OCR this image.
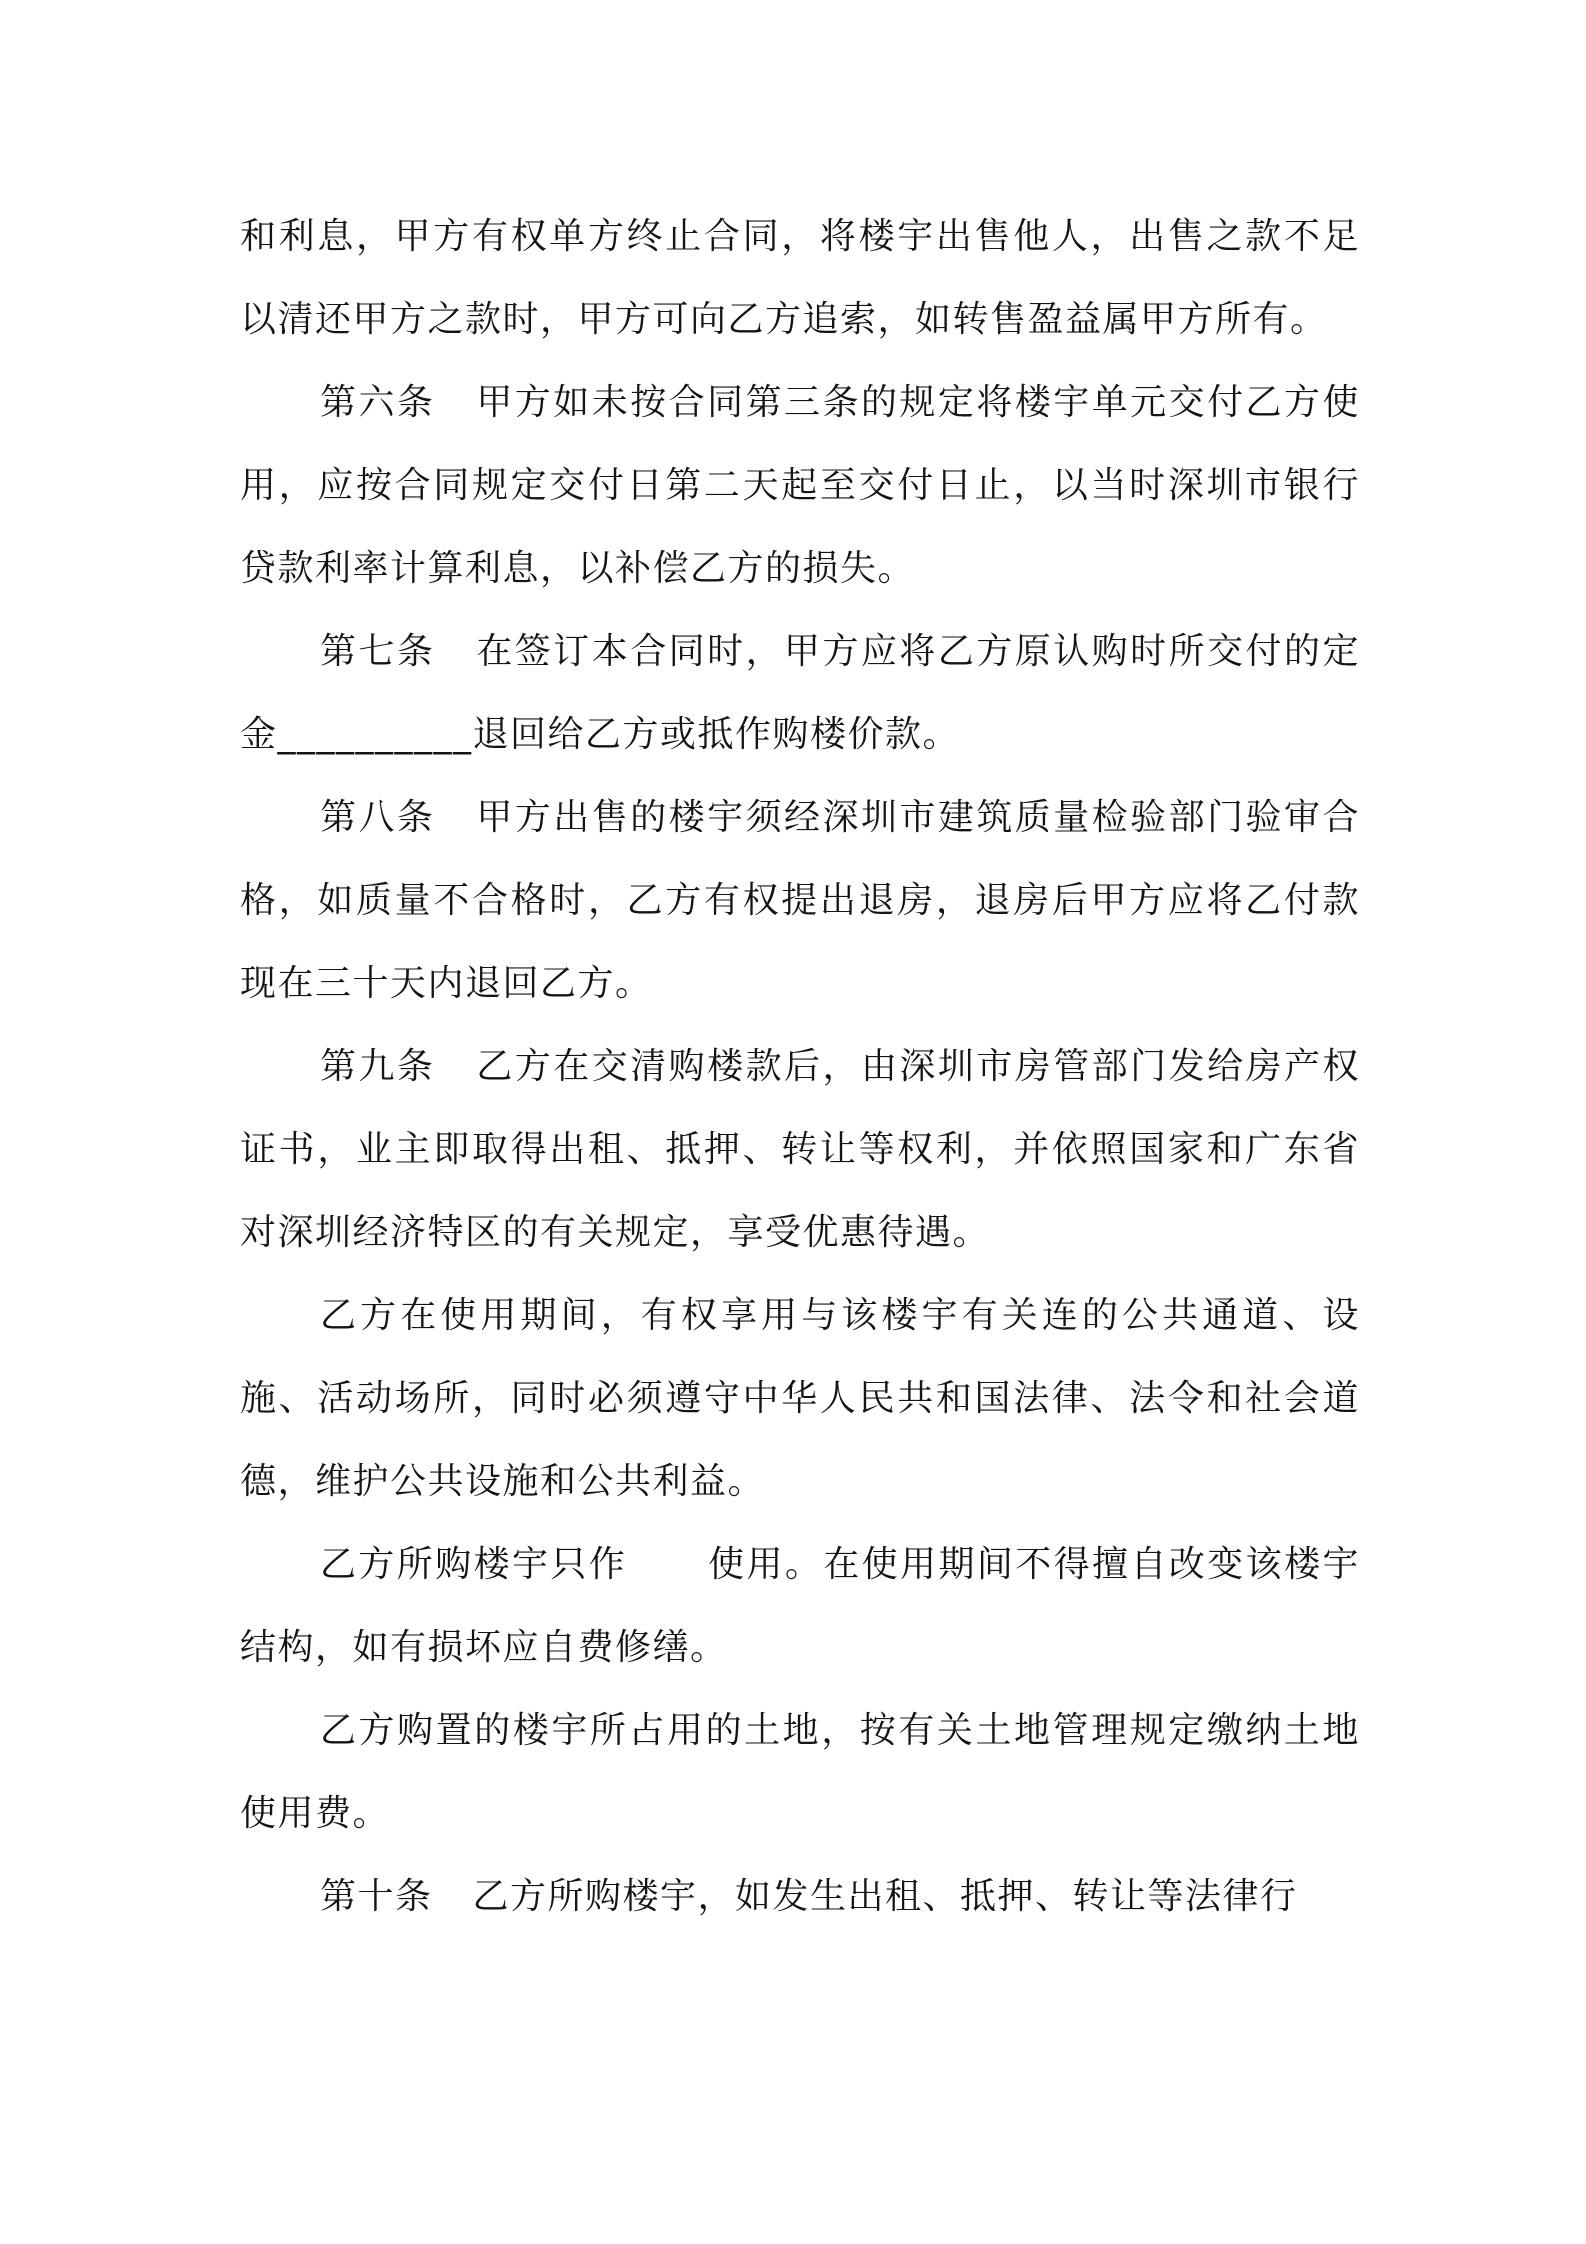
和利息，甲方有权单方终止合同，将楼宇出售他人，出售之款不足以清还甲方之款时，甲方可向乙方追索，如转售盈益属甲方所有。

第六条 甲方如未按合同第三条的规定将楼宇单元交付乙方使用，应按合同规定交付日第二天起至交付日止，以当时深圳市银行贷款利率计算利息，以补偿乙方的损失。

第七条 在签订本合同时，甲方应将乙方原认购时所交付的定金__________退回给乙方或抵作购楼价款。

第八条 甲方出售的楼宇须经深圳市建筑质量检验部门验审合格，如质量不合格时，乙方有权提出退房，退房后甲方应将乙付款现在三十天内退回乙方。

第九条 乙方在交清购楼款后，由深圳市房管部门发给房产权证书，业主即取得出租、抵押、转让等权利，并依照国家和广东省对深圳经济特区的有关规定，享受优惠待遇。

乙方在使用期间，有权享用与该楼宇有关连的公共通道、设施、活动场所，同时必须遵守中华人民共和国法律、法令和社会道德，维护公共设施和公共利益。

乙方所购楼宇只作 使用。在使用期间不得擅自改变该楼宇结构，如有损坏应自费修缮。

乙方购置的楼宇所占用的土地，按有关土地管理规定缴纳土地使用费。

第十条 乙方所购楼宇，如发生出租、抵押、转让等法律行
